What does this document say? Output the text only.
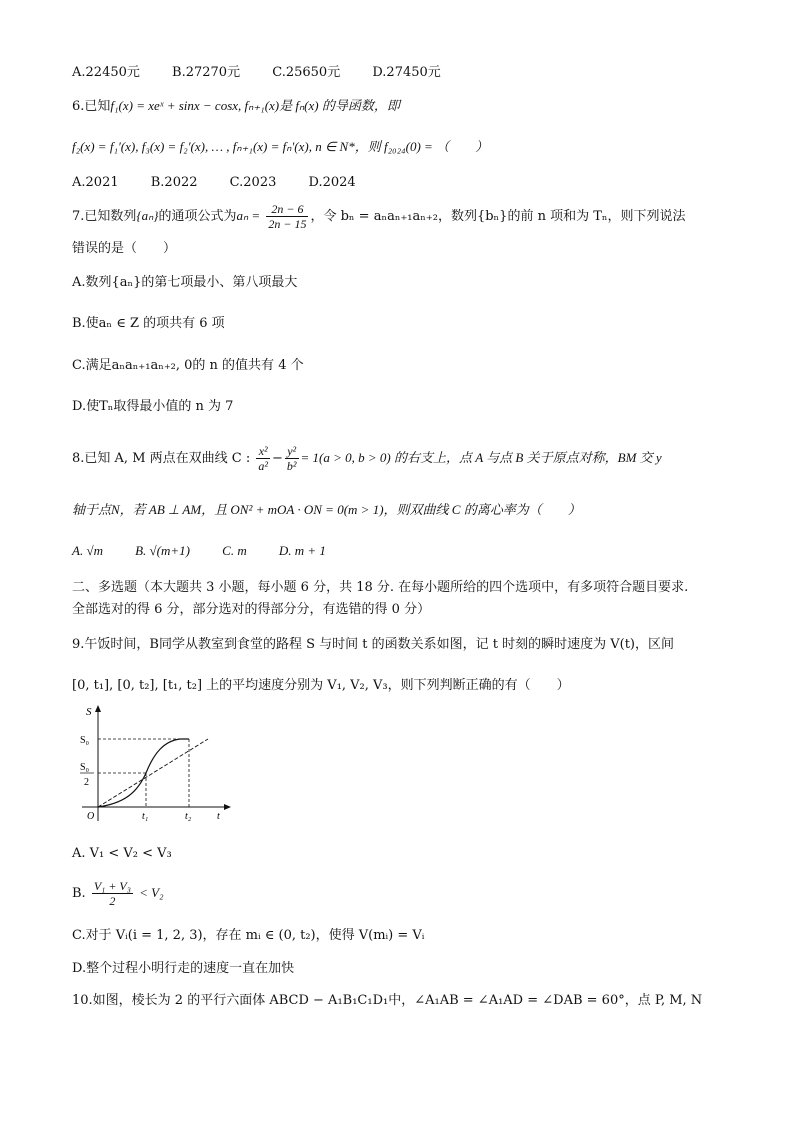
A.22450元 B.27270元 C.25650元 D.27450元
6.已知f₁(x) = xeˣ + sinx − cosx, fₙ₊₁(x)是 fₙ(x) 的导函数，即
f₂(x) = f₁′(x), f₃(x) = f₂′(x), … , fₙ₊₁(x) = fₙ′(x), n ∈ N*，则 f₂₀₂₄(0) = （　　）
A.2021 B.2022 C.2023 D.2024
7.已知数列{aₙ}的通项公式为$a_n = \frac{2n - 6}{2n - 15}$ ，令 bₙ = aₙaₙ₊₁aₙ₊₂，数列{bₙ}的前 n 项和为 Tₙ，则下列说法
错误的是（　　）
A.数列{aₙ}的第七项最小、第八项最大
B.使aₙ ∈ Z 的项共有 6 项
C.满足aₙaₙ₊₁aₙ₊₂, 0的 n 的值共有 4 个
D.使Tₙ取得最小值的 n 为 7
8.已知 A, M 两点在双曲线 C : $\frac{\text{x²}}{\text{a²}} - \frac{\text{y²}}{\text{b²}} = 1(a > 0$, b > 0) 的右支上，点 A 与点 B 关于原点对称，BM 交 y
轴于点N，若 AB ⊥ AM，且 ON² + mOA · ON = 0(m > 1)，则双曲线 C 的离心率为（　　）
A. √m B. √(m+1) C. m D. m + 1
二、多选题（本大题共 3 小题，每小题 6 分，共 18 分. 在每小题所给的四个选项中，有多项符合题目要求.
全部选对的得 6 分，部分选对的得部分分，有选错的得 0 分）
9.午饭时间，B同学从教室到食堂的路程 S 与时间 t 的函数关系如图，记 t 时刻的瞬时速度为 V(t)，区间
[0, t₁], [0, t₂], [t₁, t₂] 上的平均速度分别为 V₁, V₂, V₃，则下列判断正确的有（　　）
S
S₀
S₀
2
O	t₁	t₂	t
A. V₁ < V₂ < V₃
B. $\frac{\text{V₁ + V₃}}{2} < V_2$
C.对于 Vᵢ(i = 1, 2, 3)，存在 mᵢ ∈ (0, t₂)，使得 V(mᵢ) = Vᵢ
D.整个过程小明行走的速度一直在加快
10.如图，棱长为 2 的平行六面体 ABCD − A₁B₁C₁D₁中，∠A₁AB = ∠A₁AD = ∠DAB = 60°，点 P, M, N
